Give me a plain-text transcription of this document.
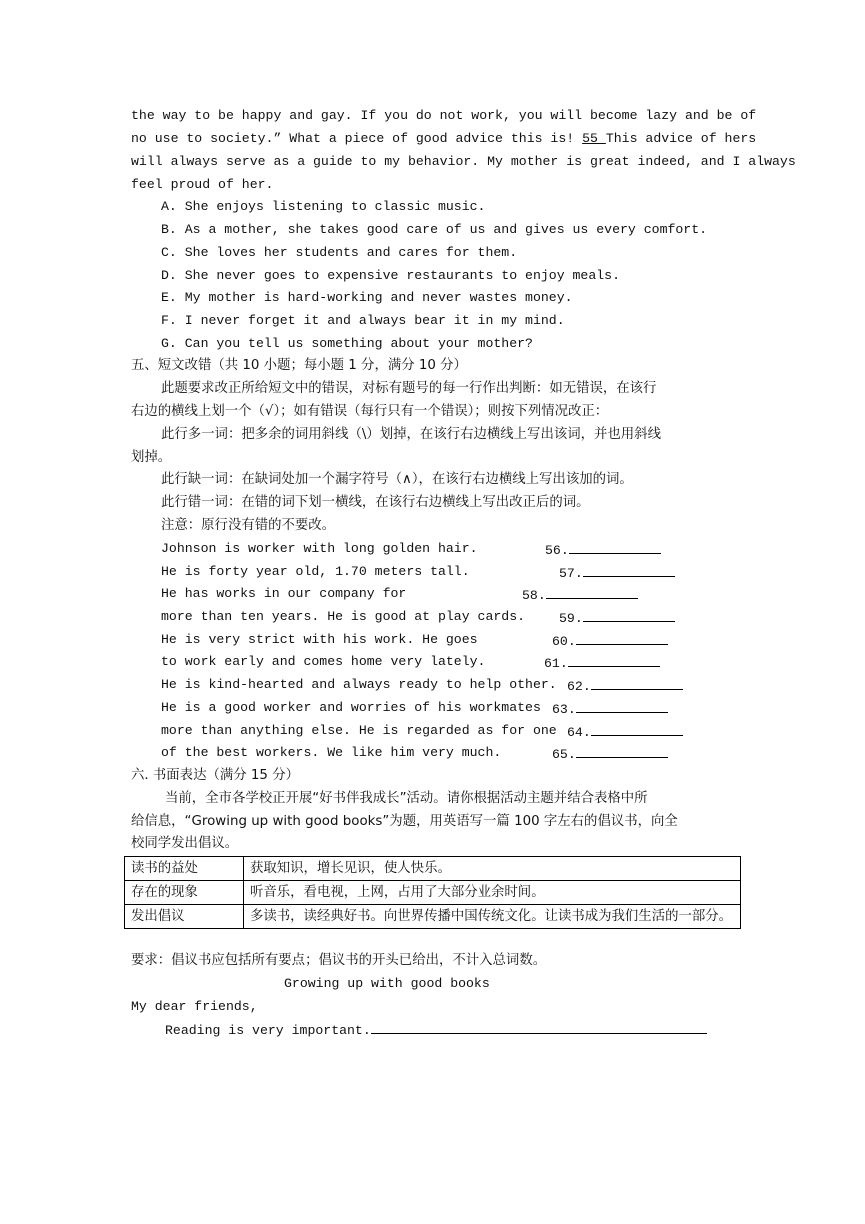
the way to be happy and gay. If you do not work, you will become lazy and be of
no use to society.” What a piece of good advice this is! 55 This advice of hers
will always serve as a guide to my behavior. My mother is great indeed, and I always
feel proud of her.
A. She enjoys listening to classic music.
B. As a mother, she takes good care of us and gives us every comfort.
C. She loves her students and cares for them.
D. She never goes to expensive restaurants to enjoy meals.
E. My mother is hard-working and never wastes money.
F. I never forget it and always bear it in my mind.
G. Can you tell us something about your mother?
五、短文改错（共 10 小题；每小题 1 分，满分 10 分）
此题要求改正所给短文中的错误，对标有题号的每一行作出判断：如无错误，在该行
右边的横线上划一个（√）；如有错误（每行只有一个错误）；则按下列情况改正：
此行多一词：把多余的词用斜线（\）划掉，在该行右边横线上写出该词，并也用斜线
划掉。
此行缺一词：在缺词处加一个漏字符号（∧），在该行右边横线上写出该加的词。
此行错一词：在错的词下划一横线，在该行右边横线上写出改正后的词。
注意：原行没有错的不要改。
Johnson is worker with long golden hair.	56.
He is forty year old, 1.70 meters tall.	57.
He has works in our company for	58.
more than ten years. He is good at play cards.	59.
He is very strict with his work. He goes	60.
to work early and comes home very lately.	61.
He is kind-hearted and always ready to help other. 62.
He is a good worker and worries of his workmates 63.
more than anything else. He is regarded as for one 64.
of the best workers. We like him very much.	65.
六. 书面表达（满分 15 分）
当前，全市各学校正开展“好书伴我成长”活动。请你根据活动主题并结合表格中所
给信息，“Growing up with good books”为题，用英语写一篇 100 字左右的倡议书，向全
校同学发出倡议。
读书的益处	获取知识，增长见识，使人快乐。
存在的现象	听音乐，看电视，上网，占用了大部分业余时间。
发出倡议	多读书，读经典好书。向世界传播中国传统文化。让读书成为我们生活的一部分。
要求：倡议书应包括所有要点；倡议书的开头已给出，不计入总词数。
Growing up with good books
My dear friends,
Reading is very important.
